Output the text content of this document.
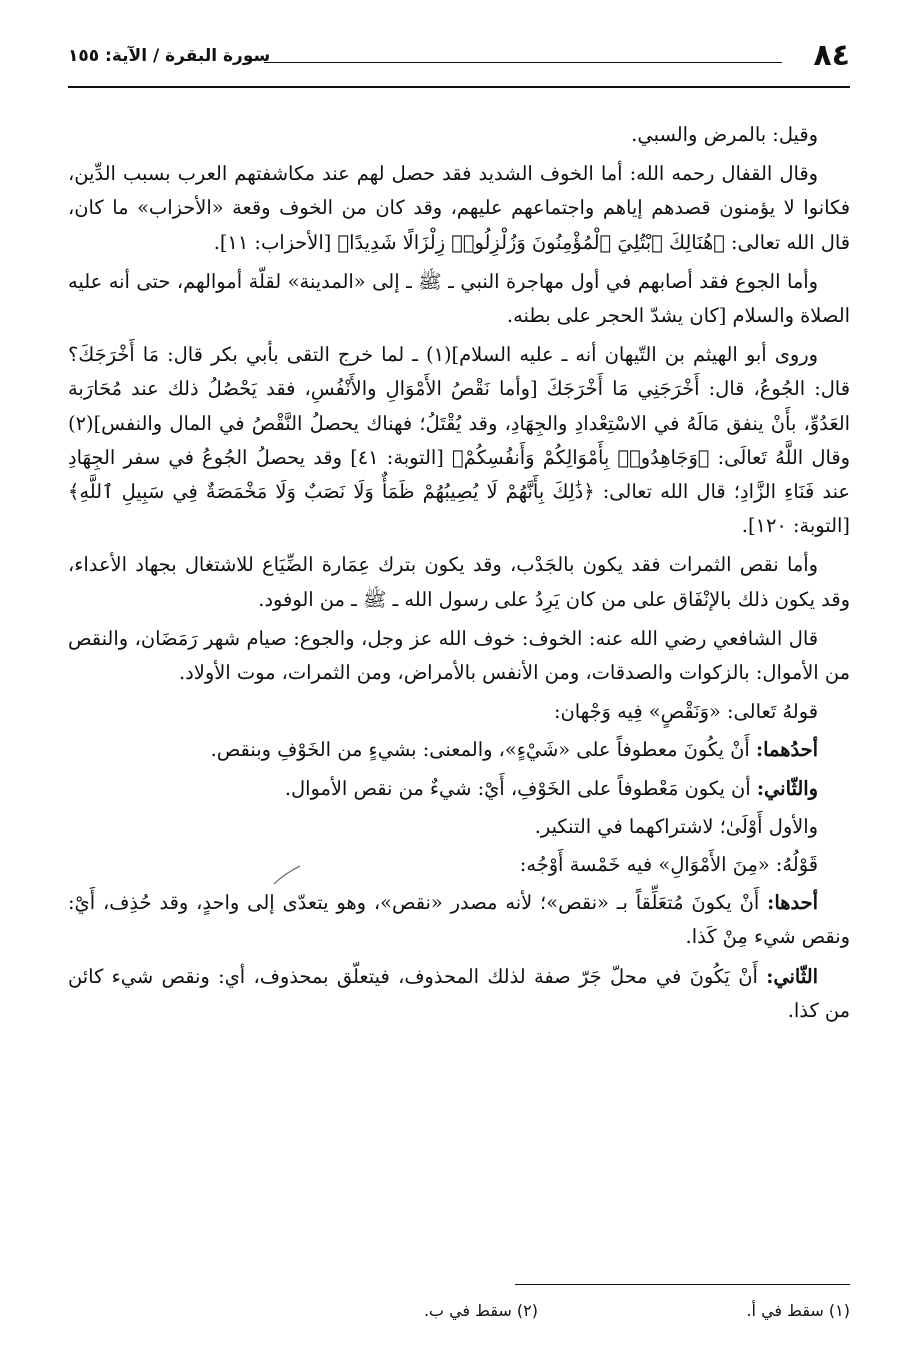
٨٤
سورة البقرة / الآية: ١٥٥

وقيل: بالمرض والسبي.

وقال القفال رحمه الله: أما الخوف الشديد فقد حصل لهم عند مكاشفتهم العرب بسبب الدِّين، فكانوا لا يؤمنون قصدهم إياهم واجتماعهم عليهم، وقد كان من الخوف وقعة «الأحزاب» ما كان، قال الله تعالى: ﴿هُنَالِكَ ٱبْتُلِيَ ٱلْمُؤْمِنُونَ وَزُلْزِلُوا۟ زِلْزَالًا شَدِيدًا﴾ [الأحزاب: ١١].

وأما الجوع فقد أصابهم في أول مهاجرة النبي ـ ﷺ ـ إلى «المدينة» لقلّة أموالهم، حتى أنه عليه الصلاة والسلام [كان يشدّ الحجر على بطنه.

وروى أبو الهيثم بن التّيهان أنه ـ عليه السلام](١) ـ لما خرج التقى بأبي بكر قال: مَا أَخْرَجَكَ؟ قال: الجُوعُ، قال: أَخْرَجَنِي مَا أَخْرَجَكَ [وأما نَقْصُ الأَمْوَالِ والأَنْفُسِ، فقد يَحْصُلُ ذلك عند مُحَارَبة العَدُوِّ، بأَنْ ينفق مَالَهُ في الاسْتِعْدادِ والجِهَادِ، وقد يُقْتَلُ؛ فهناك يحصلُ النَّقْصُ في المال والنفس](٢) وقال اللَّهُ تَعالَى: ﴿وَجَاهِدُوا۟ بِأَمْوَالِكُمْ وَأَنفُسِكُمْ﴾ [التوبة: ٤١] وقد يحصلُ الجُوعُ في سفر الجِهَادِ عند فَنَاءِ الزَّادِ؛ قال الله تعالى: ﴿ذَٰلِكَ بِأَنَّهُمْ لَا يُصِيبُهُمْ ظَمَأٌ وَلَا نَصَبٌ وَلَا مَخْمَصَةٌ فِي سَبِيلِ ٱللَّهِ﴾ [التوبة: ١٢٠].

وأما نقص الثمرات فقد يكون بالجَدْب، وقد يكون بترك عِمَارة الضِّيَاع للاشتغال بجهاد الأعداء، وقد يكون ذلك بالإنْفَاق على من كان يَرِدُ على رسول الله ـ ﷺ ـ من الوفود.

قال الشافعي رضي الله عنه: الخوف: خوف الله عز وجل، والجوع: صيام شهر رَمَضَان، والنقص من الأموال: بالزكوات والصدقات، ومن الأنفس بالأمراض، ومن الثمرات، موت الأولاد.

قولهُ تَعالى: «وَنَقْصٍ» فِيه وَجْهان:

أحدُهما: أَنْ يكُونَ معطوفاً على «شَيْءٍ»، والمعنى: بشيءٍ من الخَوْفِ وبنقص.

والثّاني: أن يكون مَعْطوفاً على الخَوْفِ، أَيْ: شيءٌ من نقص الأموال.

والأول أَوْلَىٰ؛ لاشتراكهما في التنكير.

قَوْلُهُ: «مِنَ الأَمْوَالِ» فيه خَمْسة أَوْجُه:

أحدها: أَنْ يكونَ مُتعَلِّقاً بـ «نقص»؛ لأنه مصدر «نقص»، وهو يتعدّى إلى واحدٍ، وقد حُذِف، أَيْ: ونقص شيء مِنْ كَذا.

الثّاني: أَنْ يَكُونَ في محلّ جَرّ صفة لذلك المحذوف، فيتعلّق بمحذوف، أي: ونقص شيء كائن من كذا.

(١) سقط في أ.
(٢) سقط في ب.
